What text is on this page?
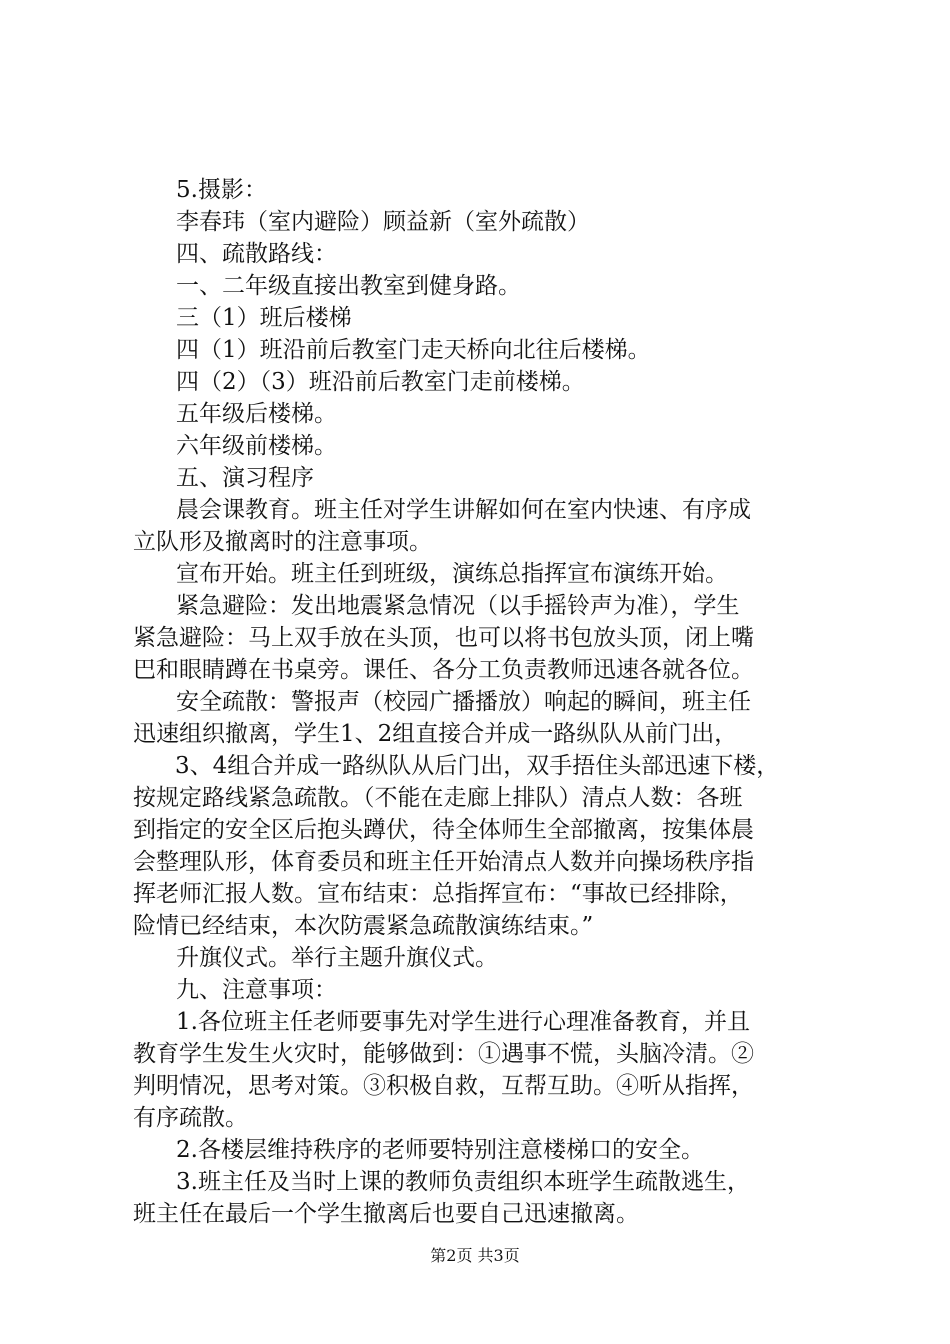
5.摄影：
李春玮（室内避险）顾益新（室外疏散）
四、疏散路线：
一、二年级直接出教室到健身路。
三（1）班后楼梯
四（1）班沿前后教室门走天桥向北往后楼梯。
四（2）（3）班沿前后教室门走前楼梯。
五年级后楼梯。
六年级前楼梯。
五、演习程序
晨会课教育。班主任对学生讲解如何在室内快速、有序成
立队形及撤离时的注意事项。
宣布开始。班主任到班级，演练总指挥宣布演练开始。
紧急避险：发出地震紧急情况（以手摇铃声为准），学生
紧急避险：马上双手放在头顶，也可以将书包放头顶，闭上嘴
巴和眼睛蹲在书桌旁。课任、各分工负责教师迅速各就各位。
安全疏散：警报声（校园广播播放）响起的瞬间，班主任
迅速组织撤离，学生1、2组直接合并成一路纵队从前门出，
3、4组合并成一路纵队从后门出，双手捂住头部迅速下楼，
按规定路线紧急疏散。（不能在走廊上排队）清点人数：各班
到指定的安全区后抱头蹲伏，待全体师生全部撤离，按集体晨
会整理队形，体育委员和班主任开始清点人数并向操场秩序指
挥老师汇报人数。宣布结束：总指挥宣布：“事故已经排除，
险情已经结束，本次防震紧急疏散演练结束。”
升旗仪式。举行主题升旗仪式。
九、注意事项：
1.各位班主任老师要事先对学生进行心理准备教育，并且
教育学生发生火灾时，能够做到：①遇事不慌，头脑冷清。②
判明情况，思考对策。③积极自救，互帮互助。④听从指挥，
有序疏散。
2.各楼层维持秩序的老师要特别注意楼梯口的安全。
3.班主任及当时上课的教师负责组织本班学生疏散逃生，
班主任在最后一个学生撤离后也要自己迅速撤离。
第2页 共3页
